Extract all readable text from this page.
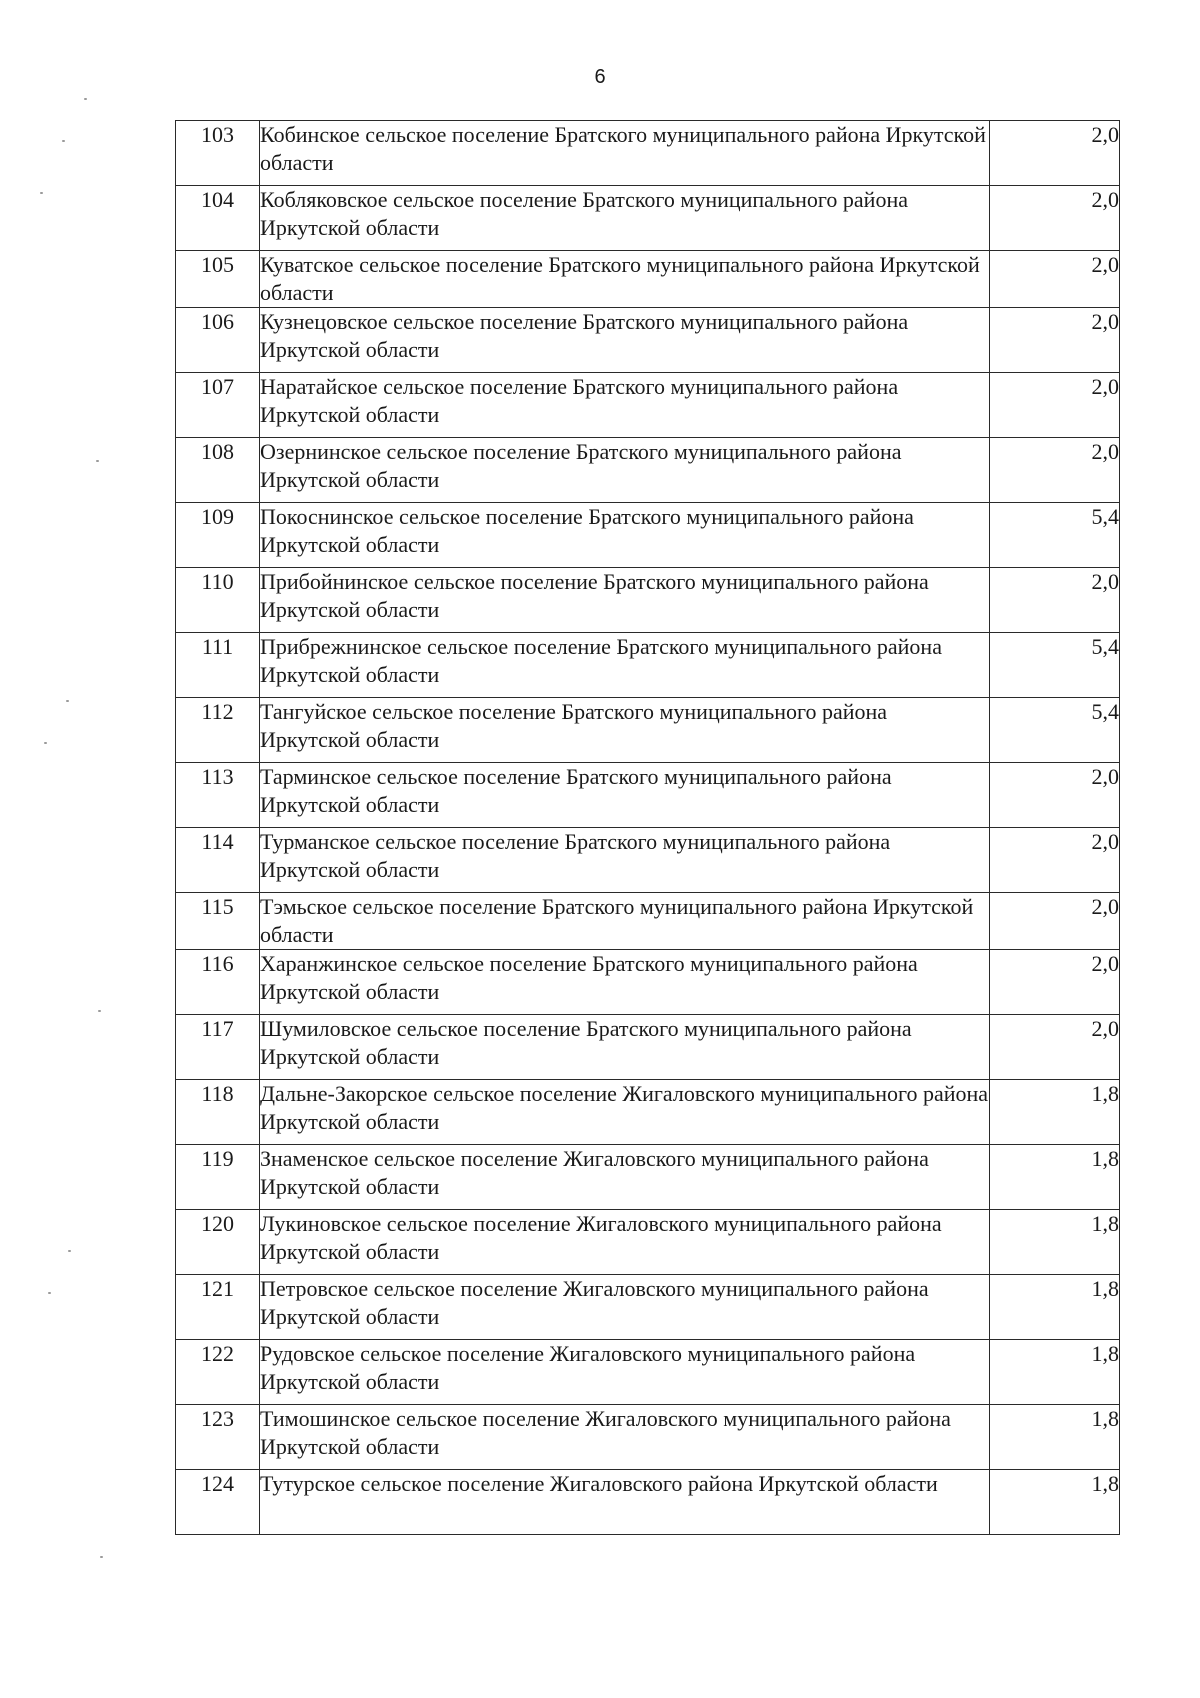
6
103	Кобинское сельское поселение Братского муниципального района Иркутской области	2,0
104	Кобляковское сельское поселение Братского муниципального района Иркутской области	2,0
105	Куватское сельское поселение Братского муниципального района Иркутской области	2,0
106	Кузнецовское сельское поселение Братского муниципального района Иркутской области	2,0
107	Наратайское сельское поселение Братского муниципального района Иркутской области	2,0
108	Озернинское сельское поселение Братского муниципального района Иркутской области	2,0
109	Покоснинское сельское поселение Братского муниципального района Иркутской области	5,4
110	Прибойнинское сельское поселение Братского муниципального района Иркутской области	2,0
111	Прибрежнинское сельское поселение Братского муниципального района Иркутской области	5,4
112	Тангуйское сельское поселение Братского муниципального района Иркутской области	5,4
113	Тарминское сельское поселение Братского муниципального района Иркутской области	2,0
114	Турманское сельское поселение Братского муниципального района Иркутской области	2,0
115	Тэмьское сельское поселение Братского муниципального района Иркутской области	2,0
116	Харанжинское сельское поселение Братского муниципального района Иркутской области	2,0
117	Шумиловское сельское поселение Братского муниципального района Иркутской области	2,0
118	Дальне-Закорское сельское поселение Жигаловского муниципального района Иркутской области	1,8
119	Знаменское сельское поселение Жигаловского муниципального района Иркутской области	1,8
120	Лукиновское сельское поселение Жигаловского муниципального района Иркутской области	1,8
121	Петровское сельское поселение Жигаловского муниципального района Иркутской области	1,8
122	Рудовское сельское поселение Жигаловского муниципального района Иркутской области	1,8
123	Тимошинское сельское поселение Жигаловского муниципального района Иркутской области	1,8
124	Тутурское сельское поселение Жигаловского района Иркутской области	1,8
